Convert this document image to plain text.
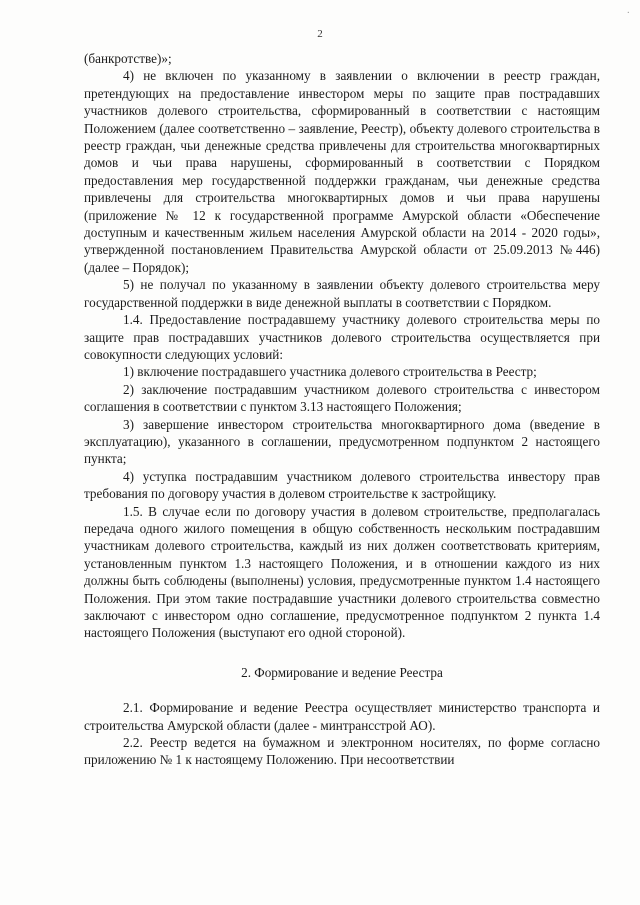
·
2

(банкротстве)»;

4) не включен по указанному в заявлении о включении в реестр граждан, претендующих на предоставление инвестором меры по защите прав пострадавших участников долевого строительства, сформированный в соответствии с настоящим Положением (далее соответственно – заявление, Реестр), объекту долевого строительства в реестр граждан, чьи денежные средства привлечены для строительства многоквартирных домов и чьи права нарушены, сформированный в соответствии с Порядком предоставления мер государственной поддержки гражданам, чьи денежные средства привлечены для строительства многоквартирных домов и чьи права нарушены (приложение № 12 к государственной программе Амурской области «Обеспечение доступным и качественным жильем населения Амурской области на 2014 - 2020 годы», утвержденной постановлением Правительства Амурской области от 25.09.2013 №446) (далее – Порядок);

5) не получал по указанному в заявлении объекту долевого строительства меру государственной поддержки в виде денежной выплаты в соответствии с Порядком.

1.4. Предоставление пострадавшему участнику долевого строительства меры по защите прав пострадавших участников долевого строительства осуществляется при совокупности следующих условий:

1) включение пострадавшего участника долевого строительства в Реестр;

2) заключение пострадавшим участником долевого строительства с инвестором соглашения в соответствии с пунктом 3.13 настоящего Положения;

3) завершение инвестором строительства многоквартирного дома (введение в эксплуатацию), указанного в соглашении, предусмотренном подпунктом 2 настоящего пункта;

4) уступка пострадавшим участником долевого строительства инвестору прав требования по договору участия в долевом строительстве к застройщику.

1.5. В случае если по договору участия в долевом строительстве, предполагалась передача одного жилого помещения в общую собственность нескольким пострадавшим участникам долевого строительства, каждый из них должен соответствовать критериям, установленным пунктом 1.3 настоящего Положения, и в отношении каждого из них должны быть соблюдены (выполнены) условия, предусмотренные пунктом 1.4 настоящего Положения. При этом такие пострадавшие участники долевого строительства совместно заключают с инвестором одно соглашение, предусмотренное подпунктом 2 пункта 1.4 настоящего Положения (выступают его одной стороной).

2. Формирование и ведение Реестра

2.1. Формирование и ведение Реестра осуществляет министерство транспорта и строительства Амурской области (далее - минтрансстрой АО).

2.2. Реестр ведется на бумажном и электронном носителях, по форме согласно приложению № 1 к настоящему Положению. При несоответствии
